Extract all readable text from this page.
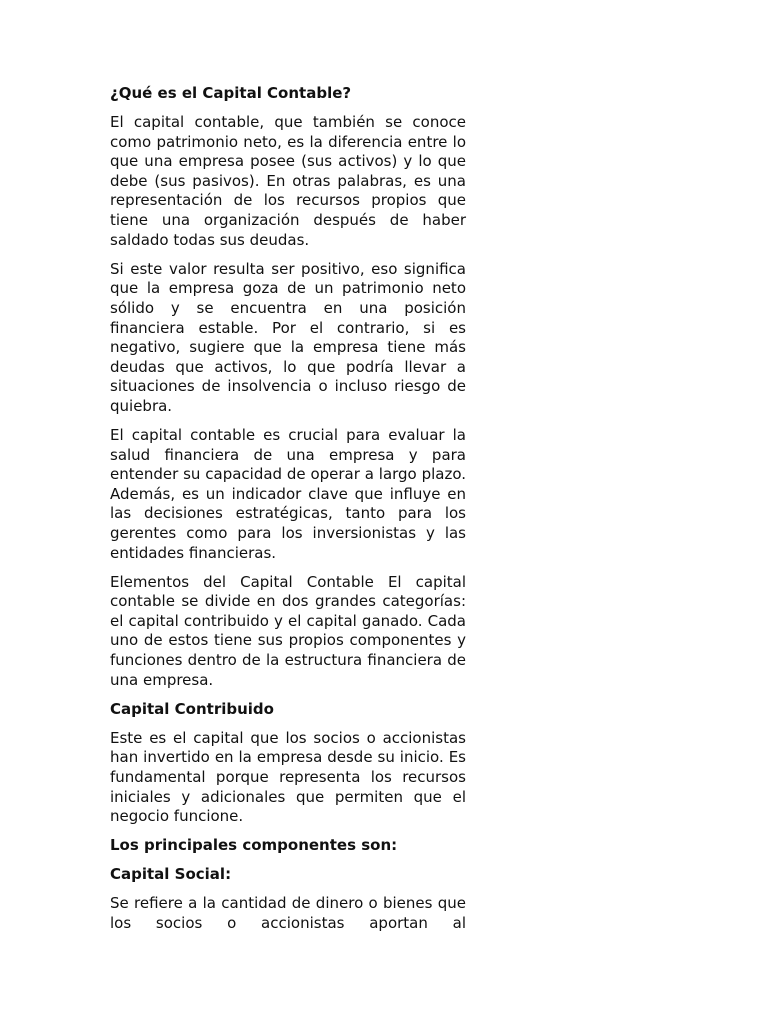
¿Qué es el Capital Contable?

El capital contable, que también se conoce como patrimonio neto, es la diferencia entre lo que una empresa posee (sus activos) y lo que debe (sus pasivos). En otras palabras, es una representación de los recursos propios que tiene una organización después de haber saldado todas sus deudas.

Si este valor resulta ser positivo, eso significa que la empresa goza de un patrimonio neto sólido y se encuentra en una posición financiera estable. Por el contrario, si es negativo, sugiere que la empresa tiene más deudas que activos, lo que podría llevar a situaciones de insolvencia o incluso riesgo de quiebra.

El capital contable es crucial para evaluar la salud financiera de una empresa y para entender su capacidad de operar a largo plazo. Además, es un indicador clave que influye en las decisiones estratégicas, tanto para los gerentes como para los inversionistas y las entidades financieras.

Elementos del Capital Contable El capital contable se divide en dos grandes categorías: el capital contribuido y el capital ganado. Cada uno de estos tiene sus propios componentes y funciones dentro de la estructura financiera de una empresa.

Capital Contribuido

Este es el capital que los socios o accionistas han invertido en la empresa desde su inicio. Es fundamental porque representa los recursos iniciales y adicionales que permiten que el negocio funcione.

Los principales componentes son:
Capital Social:

Se refiere a la cantidad de dinero o bienes que los socios o accionistas aportan al
